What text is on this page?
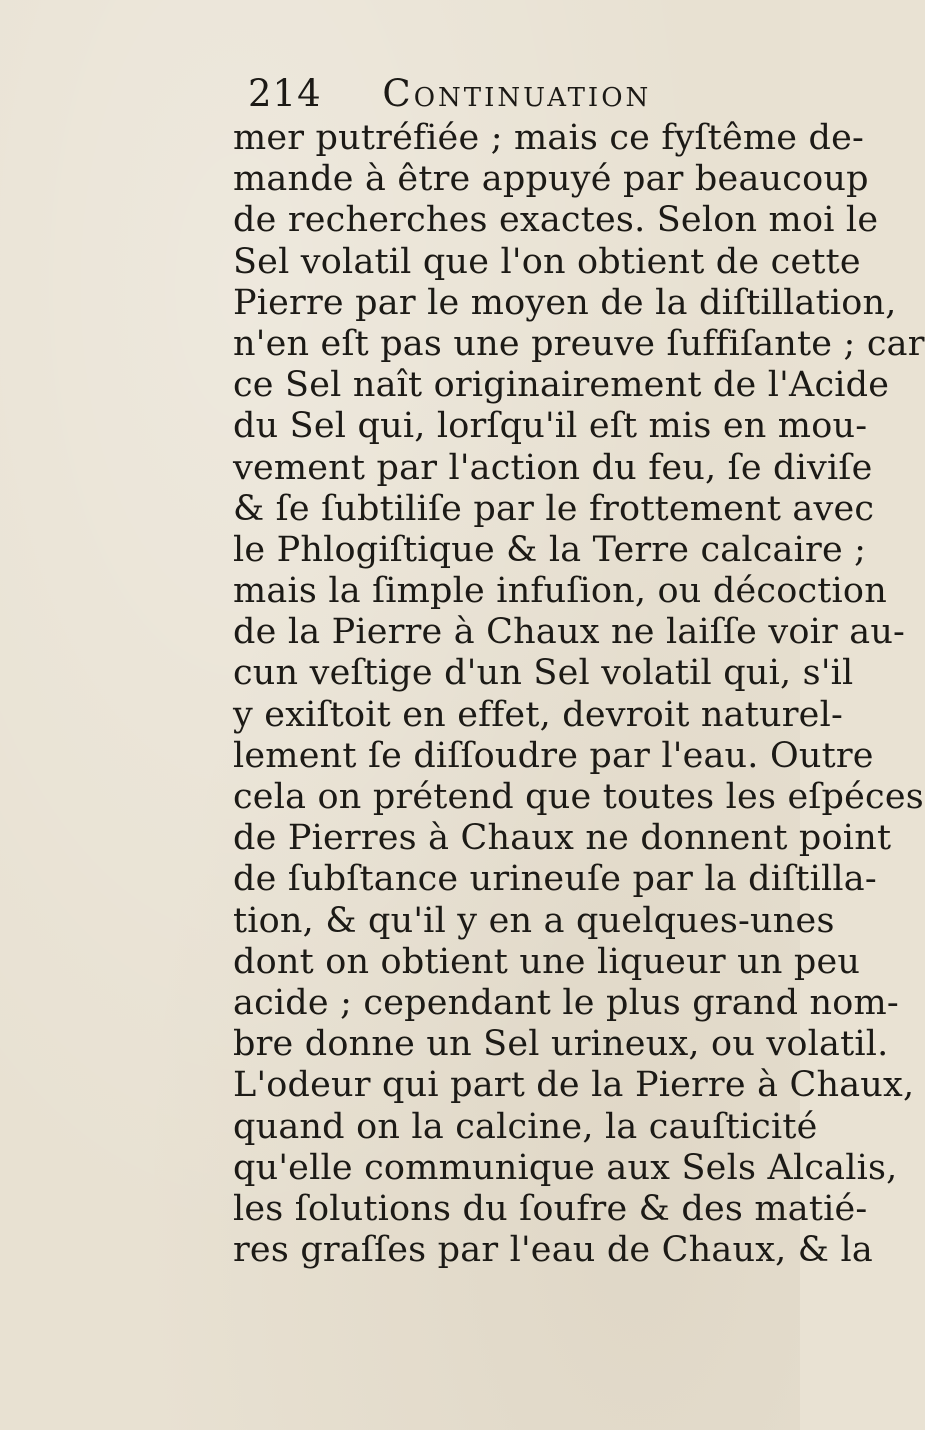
214 Continuation
mer putréfiée ; mais ce fyſtême de-
mande à être appuyé par beaucoup
de recherches exactes. Selon moi le
Sel volatil que l'on obtient de cette
Pierre par le moyen de la diſtillation,
n'en eſt pas une preuve ſuffiſante ; car
ce Sel naît originairement de l'Acide
du Sel qui, lorſqu'il eſt mis en mou-
vement par l'action du feu, ſe diviſe
& ſe ſubtiliſe par le frottement avec
le Phlogiſtique & la Terre calcaire ;
mais la ſimple infuſion, ou décoction
de la Pierre à Chaux ne laiſſe voir au-
cun veſtige d'un Sel volatil qui, s'il
y exiſtoit en effet, devroit naturel-
lement ſe diſſoudre par l'eau. Outre
cela on prétend que toutes les eſpéces
de Pierres à Chaux ne donnent point
de ſubſtance urineuſe par la diſtilla-
tion, & qu'il y en a quelques-unes
dont on obtient une liqueur un peu
acide ; cependant le plus grand nom-
bre donne un Sel urineux, ou volatil.
L'odeur qui part de la Pierre à Chaux,
quand on la calcine, la cauſticité
qu'elle communique aux Sels Alcalis,
les ſolutions du ſoufre & des matié-
res graſſes par l'eau de Chaux, & la
